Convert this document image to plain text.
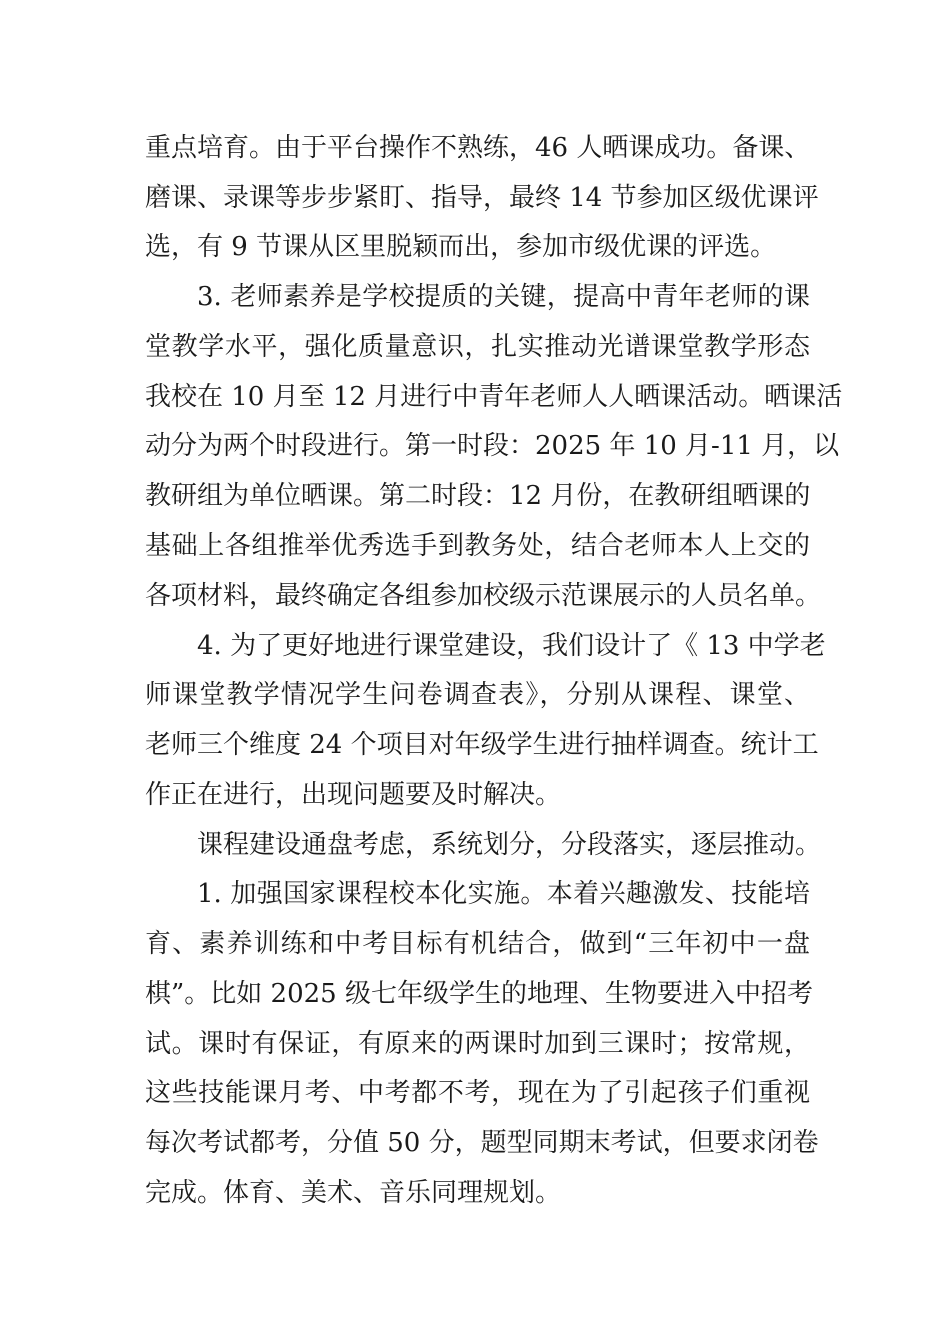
重点培育。由于平台操作不熟练，46 人晒课成功。备课、
磨课、录课等步步紧盯、指导，最终 14 节参加区级优课评
选，有 9 节课从区里脱颖而出，参加市级优课的评选。
3. 老师素养是学校提质的关键，提高中青年老师的课
堂教学水平，强化质量意识，扎实推动光谱课堂教学形态
我校在 10 月至 12 月进行中青年老师人人晒课活动。晒课活
动分为两个时段进行。第一时段：2025 年 10 月-11 月，以
教研组为单位晒课。第二时段：12 月份，在教研组晒课的
基础上各组推举优秀选手到教务处，结合老师本人上交的
各项材料，最终确定各组参加校级示范课展示的人员名单。
4. 为了更好地进行课堂建设，我们设计了《 13 中学老
师课堂教学情况学生问卷调查表》，分别从课程、课堂、
老师三个维度 24 个项目对年级学生进行抽样调查。统计工
作正在进行，出现问题要及时解决。
课程建设通盘考虑，系统划分，分段落实，逐层推动。
1. 加强国家课程校本化实施。本着兴趣激发、技能培
育、素养训练和中考目标有机结合，做到“三年初中一盘
棋”。比如 2025 级七年级学生的地理、生物要进入中招考
试。课时有保证，有原来的两课时加到三课时；按常规，
这些技能课月考、中考都不考，现在为了引起孩子们重视
每次考试都考，分值 50 分，题型同期末考试，但要求闭卷
完成。体育、美术、音乐同理规划。
